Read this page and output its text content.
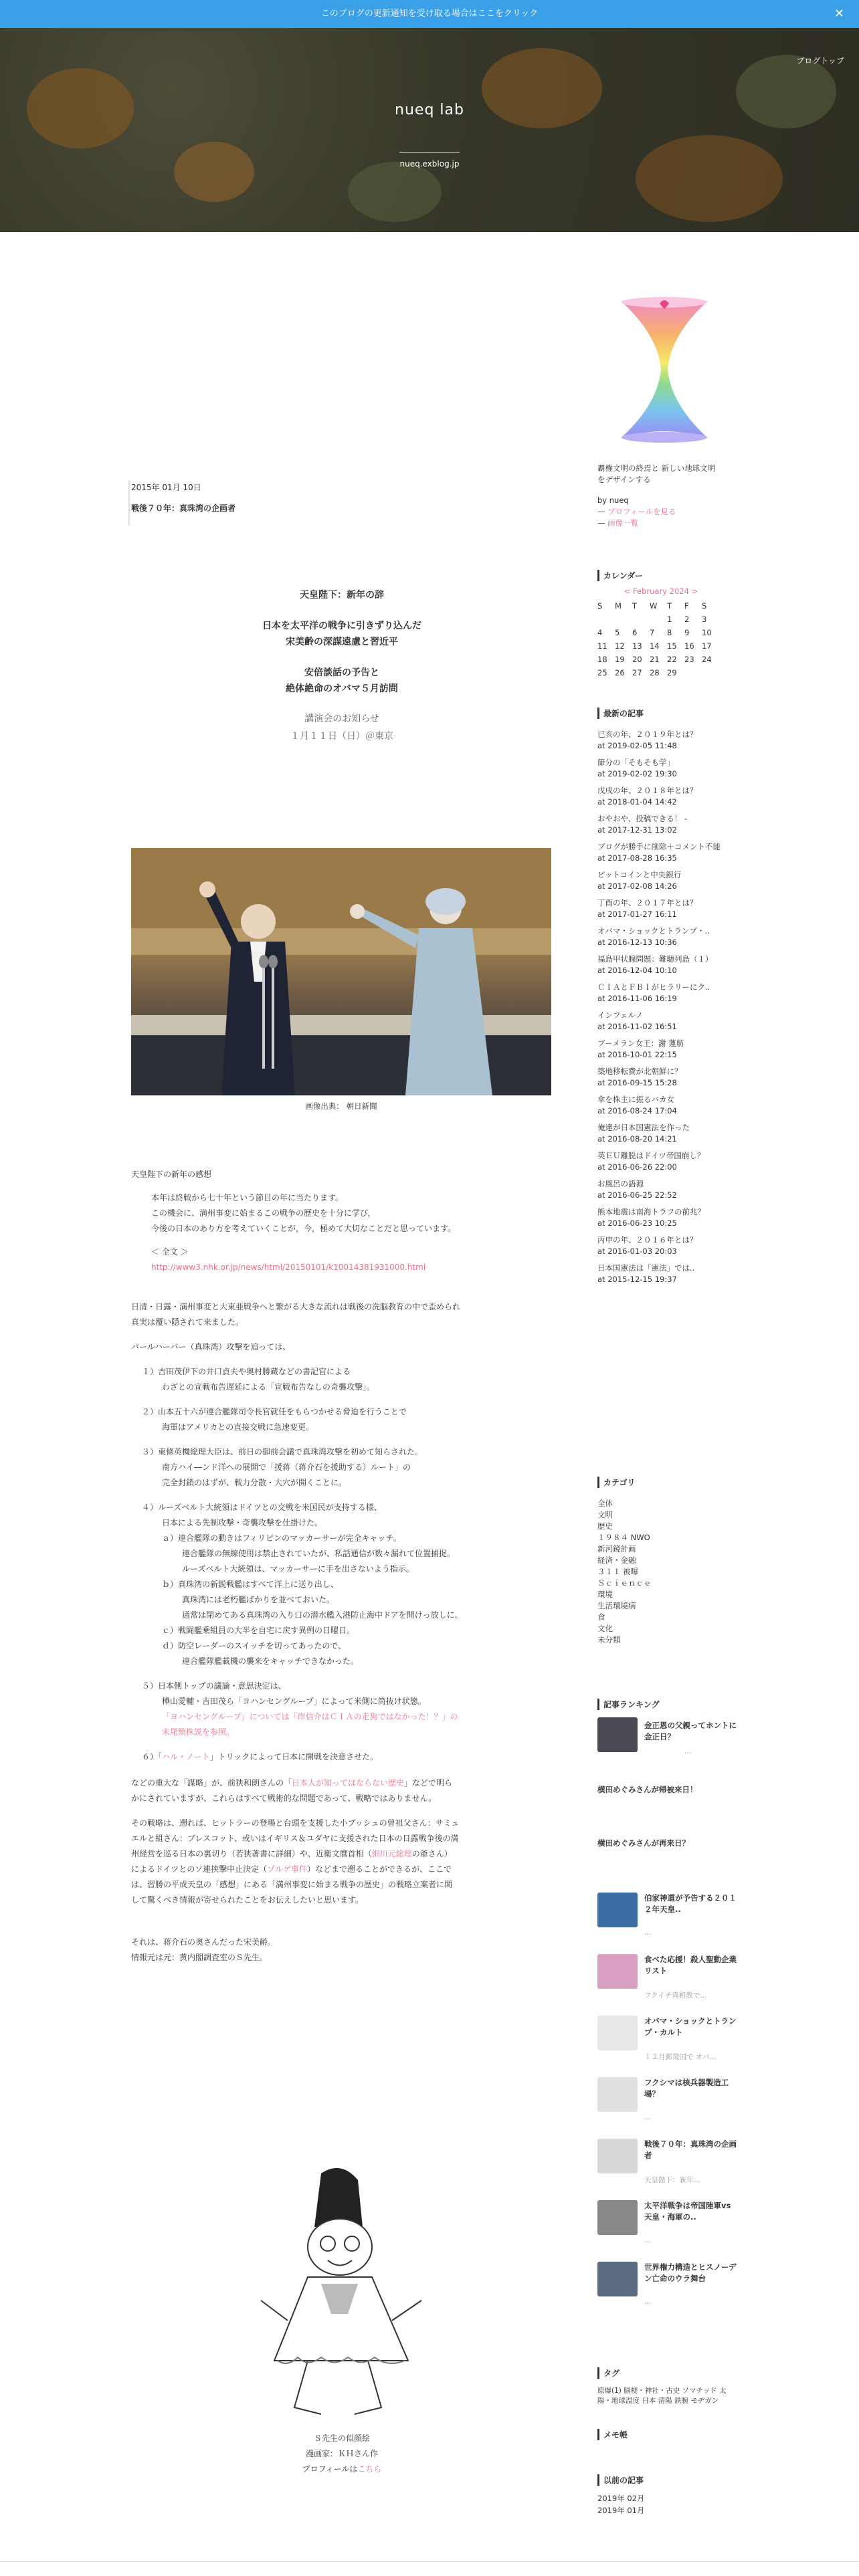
このブログの更新通知を受け取る場合はここをクリック	✕
ブログトップ
nueq lab
nueq.exblog.jp
2015年 01月 10日
戦後７０年：真珠湾の企画者
天皇陛下：新年の辞
日本を太平洋の戦争に引きずり込んだ
宋美齢の深謀遠慮と習近平
安倍談話の予告と
絶体絶命のオバマ５月訪問
講演会のお知らせ
１月１１日（日）＠東京
画像出典： 朝日新聞
天皇陛下の新年の感想
本年は終戦から七十年という節目の年に当たります。
この機会に、満州事変に始まるこの戦争の歴史を十分に学び，
今後の日本のあり方を考えていくことが，今，極めて大切なことだと思っています。
＜ 全文 ＞
http://www3.nhk.or.jp/news/html/20150101/k10014381931000.html
日清・日露・満州事変と大東亜戦争へと繋がる大きな流れは戦後の洗脳教育の中で歪められ
真実は覆い隠されて来ました。
パールハーバー（真珠湾）攻撃を追っては、
１）吉田茂伊下の井口貞夫や奥村勝蔵などの書記官による
わざとの宣戦布告遅延による「宣戦布告なしの奇襲攻撃」。
２）山本五十六が連合艦隊司令長官就任をもらつかせる脅迫を行うことで
海軍はアメリカとの直接交戦に急速変更。
３）東條英機総理大臣は、前日の御前会議で真珠湾攻撃を初めて知らされた。
南方ハイ―ンド洋への展開で「援蒋（蒋介石を援助する）ルート」の
完全封鎖のはずが、戦力分散・大穴が開くことに。
４）ルーズベルト大統領はドイツとの交戦を米国民が支持する様、
日本による先制攻撃・奇襲攻撃を仕掛けた。
ａ）連合艦隊の動きはフィリピンのマッカーサーが完全キャッチ。
連合艦隊の無線使用は禁止されていたが、私話通信が数々漏れて位置捕捉。
ルーズベルト大統領は、マッカーサーに手を出さないよう指示。
ｂ）真珠湾の新鋭戦艦はすべて洋上に送り出し、
真珠湾には老朽艦ばかりを並べておいた。
通常は閉めてある真珠湾の入り口の潜水艦入港防止海中ドアを開けっ放しに。
ｃ）戦闘艦乗組員の大半を自宅に戻す異例の日曜日。
ｄ）防空レーダーのスイッチを切ってあったので、
連合艦隊艦載機の襲来をキャッチできなかった。
５）日本側トップの議論・意思決定は、
樺山愛輔・吉田茂ら「ヨハンセングループ」によって米側に筒抜け状態。
「ヨハンセングループ」については「岸信介はＣＩＡの走狗ではなかった！？」の
未尾簡株説を参照。
６）「ハル・ノート」トリックによって日本に開戦を決意させた。
などの重大な「謀略」が、前狭和朗さんの「日本人が知ってはならない歴史」などで明ら
かにされていますが、これらはすべて戦術的な問題であって、戦略ではありません。
その戦略は、遡れば、ヒットラーの登場と台頭を支援した小ブッシュの曽祖父さん：サミュ
エルと組さん：ブレスコット、或いはイギリス＆ユダヤに支援された日本の日露戦争後の満
州経営を巡る日本の裏切り（若狭著書に詳細）や、近衛文麿首相（細川元総理の爺さん）
によるドイツとのソ連挟撃中止決定（ゾルゲ事件）などまで遡ることができるが、ここで
は、習勝の平成天皇の「感想」にある「満州事変に始まる戦争の歴史」の戦略立案者に関
して驚くべき情報が寄せられたことをお伝えしたいと思います。
それは、蒋介石の奥さんだった宋美齢。
情報元は元：黄内閣調査室のＳ先生。
Ｓ先生の似顔絵
漫画家：ＫＨさん作
プロフィールはこちら
覇権文明の終焉と 新しい地球文明
をデザインする
by nueq
— プロフィールを見る
— 画像一覧
カレンダー
< February 2024 >
S	M	T	W	T	F	S
				1	2	3
4	5	6	7	8	9	10
11	12	13	14	15	16	17
18	19	20	21	22	23	24
25	26	27	28	29		
最新の記事
已亥の年、２０１９年とは？
at 2019-02-05 11:48
節分の「そもそも学」
at 2019-02-02 19:30
戊戌の年、２０１８年とは？
at 2018-01-04 14:42
おやおや、投稿できる！ -
at 2017-12-31 13:02
ブログが勝手に削除＋コメント不能
at 2017-08-28 16:35
ビットコインと中央銀行
at 2017-02-08 14:26
丁酉の年、２０１７年とは？
at 2017-01-27 16:11
オバマ・ショックとトランプ・..
at 2016-12-13 10:36
福島甲状腺問題：難聴列島（１）
at 2016-12-04 10:10
ＣＩＡとＦＢＩがヒラリーにク..
at 2016-11-06 16:19
インフェルノ
at 2016-11-02 16:51
ブーメラン女王：謝 蓮舫
at 2016-10-01 22:15
築地移転費が北朝鮮に？
at 2016-09-15 15:28
傘を株主に振るバカ女
at 2016-08-24 17:04
俺達が日本国憲法を作った
at 2016-08-20 14:21
英ＥＵ離脱はドイツ帝国崩し？
at 2016-06-26 22:00
お風呂の語源
at 2016-06-25 22:52
熊本地震は南海トラフの前兆？
at 2016-06-23 10:25
丙申の年、２０１６年とは？
at 2016-01-03 20:03
日本国憲法は「憲法」では..
at 2015-12-15 19:37
カテゴリ
全体
文明
歴史
１９８４ NWO
新河鏡計画
経済・金融
３１１ 被曝
Ｓｃｉｅｎｃｅ
環境
生活環境病
食
文化
未分類
記事ランキング
金正恩の父親ってホントに金正日？
...
横田めぐみさんが帰被来日！
横田めぐみさんが再来日？
伯家神道が予告する２０１２年天皇..
...
食べた応援！殺人聖動企業リスト
フクイチ真相教で...
オバマ・ショックとトランプ・カルト
１２月郵策国で オバ...
フクシマは核兵器製造工場？
...
戦後７０年：真珠湾の企画者
天皇陛下：新年...
太平洋戦争は帝国陸軍vs天皇・海軍の..
...
世界権力構造とヒスノーデン亡命のウラ舞台
...
タグ
原爆(1) 脳梗・神社・古史 ソマチッド 太陽・地球温度 日本 清陽 鉄腕 モヂガン
メモ帳
以前の記事
2019年 02月
2019年 01月
